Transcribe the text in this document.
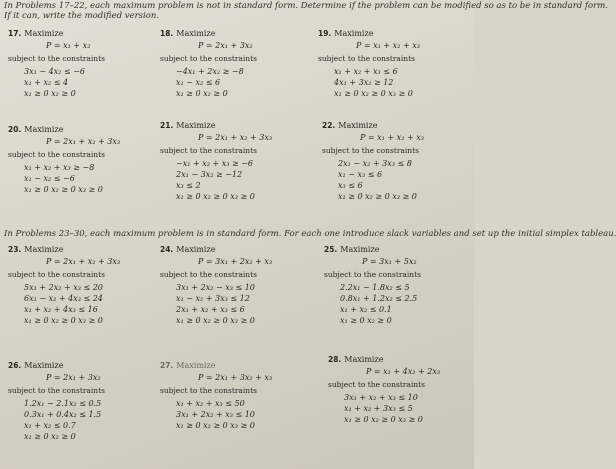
In Problems 17–22, each maximum problem is not in standard form. Determine if the problem can be modified so as to be in standard form.
If it can, write the modified version.
17. Maximize
P = x₁ + x₂
subject to the constraints
3x₁ − 4x₂ ≤ −6
x₁ + x₂ ≤ 4
x₁ ≥ 0 x₂ ≥ 0
18. Maximize
P = 2x₁ + 3x₂
subject to the constraints
−4x₁ + 2x₂ ≥ −8
x₁ − x₂ ≤ 6
x₁ ≥ 0 x₂ ≥ 0
19. Maximize
P = x₁ + x₂ + x₃
subject to the constraints
x₁ + x₂ + x₃ ≤ 6
4x₁ + 3x₂ ≥ 12
x₁ ≥ 0 x₂ ≥ 0 x₃ ≥ 0
20. Maximize
P = 2x₁ + x₂ + 3x₃
subject to the constraints
x₁ + x₂ + x₃ ≥ −8
x₁ − x₂ ≤ −6
x₁ ≥ 0 x₂ ≥ 0 x₃ ≥ 0
21. Maximize
P = 2x₁ + x₂ + 3x₃
subject to the constraints
−x₁ + x₂ + x₃ ≥ −6
2x₁ − 3x₂ ≥ −12
x₃ ≤ 2
x₁ ≥ 0 x₂ ≥ 0 x₃ ≥ 0
22. Maximize
P = x₁ + x₂ + x₃
subject to the constraints
2x₁ − x₂ + 3x₃ ≤ 8
x₁ − x₃ ≤ 6
x₃ ≤ 6
x₁ ≥ 0 x₂ ≥ 0 x₃ ≥ 0
In Problems 23–30, each maximum problem is in standard form. For each one introduce slack variables and set up the initial simplex tableau.
23. Maximize
P = 2x₁ + x₂ + 3x₃
subject to the constraints
5x₁ + 2x₂ + x₃ ≤ 20
6x₁ − x₂ + 4x₃ ≤ 24
x₁ + x₂ + 4x₃ ≤ 16
x₁ ≥ 0 x₂ ≥ 0 x₃ ≥ 0
24. Maximize
P = 3x₁ + 2x₂ + x₃
subject to the constraints
3x₁ + 2x₂ − x₃ ≤ 10
x₁ − x₂ + 3x₃ ≤ 12
2x₁ + x₂ + x₃ ≤ 6
x₁ ≥ 0 x₂ ≥ 0 x₃ ≥ 0
25. Maximize
P = 3x₁ + 5x₂
subject to the constraints
2.2x₁ − 1.8x₂ ≤ 5
0.8x₁ + 1.2x₂ ≤ 2.5
x₁ + x₂ ≤ 0.1
x₁ ≥ 0 x₂ ≥ 0
26. Maximize
P = 2x₁ + 3x₂
subject to the constraints
1.2x₁ − 2.1x₂ ≤ 0.5
0.3x₁ + 0.4x₂ ≤ 1.5
x₁ + x₂ ≤ 0.7
x₁ ≥ 0 x₂ ≥ 0
27. Maximize
P = 2x₁ + 3x₂ + x₃
subject to the constraints
x₁ + x₂ + x₃ ≤ 50
3x₁ + 2x₂ + x₃ ≤ 10
x₁ ≥ 0 x₂ ≥ 0 x₃ ≥ 0
28. Maximize
P = x₁ + 4x₂ + 2x₃
subject to the constraints
3x₁ + x₂ + x₃ ≤ 10
x₁ + x₂ + 3x₃ ≤ 5
x₁ ≥ 0 x₂ ≥ 0 x₃ ≥ 0
